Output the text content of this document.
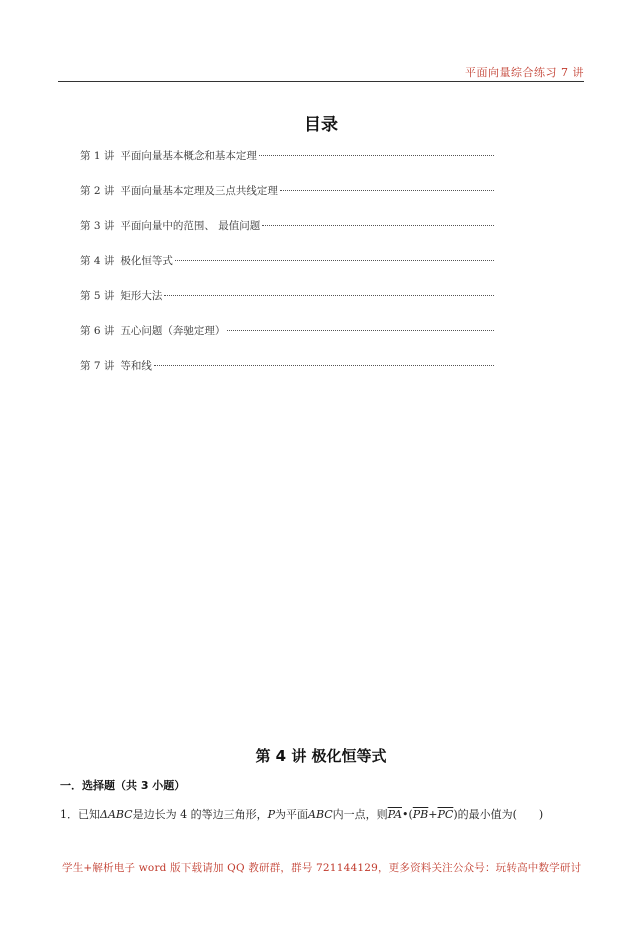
平面向量综合练习 7 讲
目录
第 1 讲 平面向量基本概念和基本定理
第 2 讲 平面向量基本定理及三点共线定理
第 3 讲 平面向量中的范围、 最值问题
第 4 讲 极化恒等式
第 5 讲 矩形大法
第 6 讲 五心问题（奔驰定理）
第 7 讲 等和线
第 4 讲 极化恒等式
一．选择题（共 3 小题）
1．已知ΔABC是边长为 4 的等边三角形，P为平面ABC内一点，则$\overline{PA}•(\overline{PB}+\overline{PC})$的最小值为(　　)
学生+解析电子 word 版下载请加 QQ 教研群，群号 721144129，更多资料关注公众号：玩转高中数学研讨
